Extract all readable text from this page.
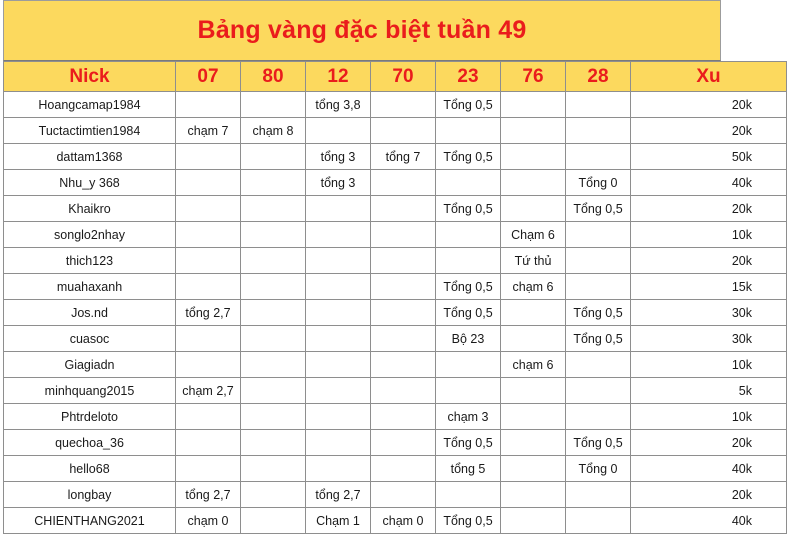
Bảng vàng đặc biệt tuần 49
Nick	07	80	12	70	23	76	28	Xu
Hoangcamap1984			tổng 3,8		Tổng 0,5			20k
Tuctactimtien1984	chạm 7	chạm 8						20k
dattam1368			tổng 3	tổng 7	Tổng 0,5			50k
Nhu_y 368			tổng 3				Tổng 0	40k
Khaikro					Tổng 0,5		Tổng 0,5	20k
songlo2nhay						Chạm 6		10k
thich123						Tứ thủ		20k
muahaxanh					Tổng 0,5	chạm 6		15k
Jos.nd	tổng 2,7				Tổng 0,5		Tổng 0,5	30k
cuasoc					Bộ 23		Tổng 0,5	30k
Giagiadn						chạm 6		10k
minhquang2015	chạm 2,7							5k
Phtrdeloto					chạm 3			10k
quechoa_36					Tổng 0,5		Tổng 0,5	20k
hello68					tổng 5		Tổng 0	40k
longbay	tổng 2,7		tổng 2,7					20k
CHIENTHANG2021	chạm 0		Chạm 1	chạm 0	Tổng 0,5			40k
